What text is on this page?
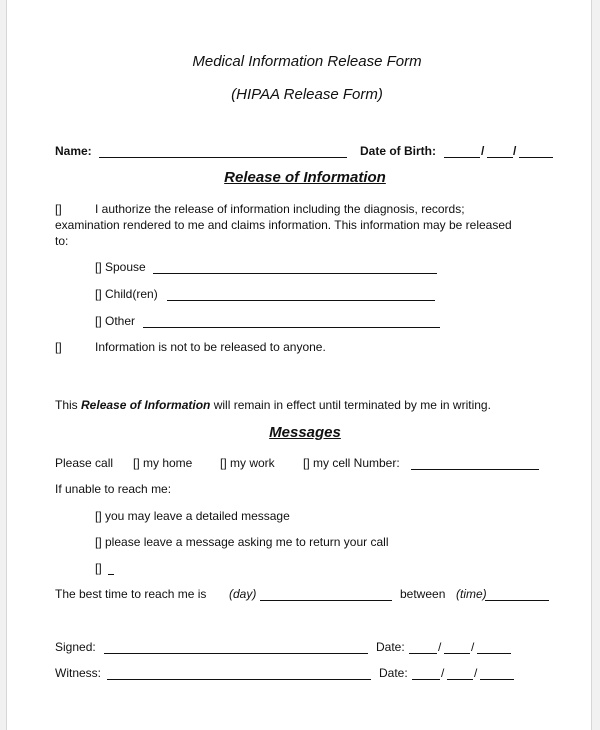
Medical Information Release Form
(HIPAA Release Form)
Name:	Date of Birth:	/ /
Release of Information
[]	I authorize the release of information including the diagnosis, records;
examination rendered to me and claims information. This information may be released
to:
[] Spouse
[] Child(ren)
[] Other
[]	Information is not to be released to anyone.
This Release of Information will remain in effect until terminated by me in writing.
Messages
Please call [] my home [] my work [] my cell Number:
If unable to reach me:
[] you may leave a detailed message
[] please leave a message asking me to return your call
[]
The best time to reach me is (day)	between (time)
Signed:	Date:	/ /
Witness:	Date:	/ /
